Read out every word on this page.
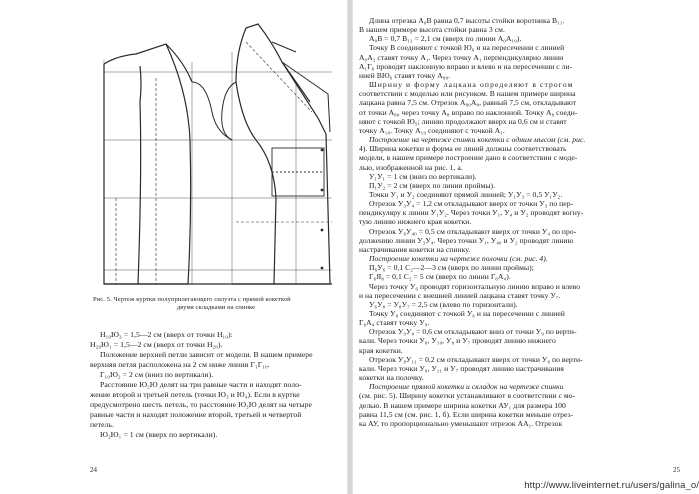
Рис. 5. Чертеж куртки полуприлегающего силуэта с прямой кокеткой
двумя складками на спинке
Н₁₀Ю₃ = 1,5—2 см (вверх от точки Н₁₀):
Н₂₀Ю₁ = 1,5—2 см (вверх от точки Н₂₀).
Положение верхней петли зависит от модели. В нашем примере
верхняя петля расположена на 2 см ниже линии Г₁Г₁₀.
Г₁₀Ю₂ = 2 см (вниз по вертикали).
Расстояние Ю₂Ю делят на три равные части и находят поло-
жение второй и третьей петель (точки Ю₃ и Ю₄). Если в куртке
предусмотрено шесть петель, то расстояние Ю₃Ю делят на четыре
равные части и находят положение второй, третьей и четвертой
петель.
Ю₂Ю₁ = 1 см (вверх по вертикали).
24
Длина отрезка А₀В равна 0,7 высоты стойки воротника В₁₁.
В нашем примере высота стойки равна 3 см.
А₀В = 0,7 В₁₁ = 2,1 см (вверх по линии А₀А₁₀).
Точку В соединяют с точкой Ю₆ и на пересечении с линией
А₀А₂ ставят точку А₁. Через точку А₁ перпендикулярно линии
А₁Г₆ проводят наклонную вправо и влево и на пересечении с ли-
нией ВЮ₆ ставят точку А₈₀.
Ширину и форму лацкана определяют в строгом
соответствии с моделью или рисунком. В нашем примере ширина
лацкана равна 7,5 см. Отрезок А₈₀А₈, равный 7,5 см, откладывают
от точки А₈₀ через точку А₈ вправо по наклонной. Точку А₈ соеди-
няют с точкой Ю₅; линию продолжают вверх на 0,6 см и ставят
точку А₁₀. Точку А₁₀ соединяют с точкой А₁.
Построение на чертеже спинки кокетки с одним мысом (см. рис.
4). Ширина кокетки и форма ее линий должны соответствовать
модели, в нашем примере построение дано в соответствии с моде-
лью, изображенной на рис. 1, а.
У₁У₁ = 1 см (вниз по вертикали).
П₁У₂ = 2 см (вверх по линии проймы).
Точки У₁ и У₂ соединяют прямой линией; У₁У₃ = 0,5 У₁У₂.
Отрезок У₃У₄ = 1,2 см откладывают вверх от точки У₃ по пер-
пендикуляру к линии У₁У₂. Через точки У₁, У₄ и У₂ проводят вогну-
тую линию нижнего края кокетки.
Отрезок У₆У₄₀ = 0,5 см откладывают вверх от точки У₄ по про-
должению линии У₃У₄. Через точки У₁, У₄₀ и У₂ проводят линию
настрачивания кокетки на спинку.
Построение кокетки на чертеже полочки (см. рис. 4).
П₆У₆ = 0,1 С₂—2—3 см (вверх по линии проймы);
Г₆Я₈ = 0,1 С₂ = 5 см (вверх по линии Г₆А₄).
Через точку У₆ проводят горизонтальную линию вправо и влево
и на пересечении с внешней линией лацкана ставят точку У₇.
У₆У₈ = У₈У₇ = 2,5 см (влево по горизонтали).
Точку У₈ соединяют с точкой У₆ и на пересечении с линией
Г₆А₄ ставят точку У₉.
Отрезок У₉У₀ = 0,6 см откладывают вниз от точки У₉ по верти-
кали. Через точки У₆, У₁₀, У₈ и У₇ проводят линию нижнего
края кокетки.
Отрезок У₈У₁₁ = 0,2 см откладывают вверх от точки У₈ по верти-
кали. Через точки У₆, У₁₁ и У₇ проводят линию настрачивания
кокетки на полочку.
Построение прямой кокетки и складок на чертеже спинки
(см. рис. 5). Ширину кокетки устанавливают в соответствии с мо-
делью. В нашем примере ширина кокетки АУ₁ для размера 100
равна 11,5 см (см. рис. 1, б). Если ширина кокетки меньше отрез-
ка АУ, то пропорционально уменьшают отрезок АА₁. Отрезок
25
http://www.liveinternet.ru/users/galina_o/
